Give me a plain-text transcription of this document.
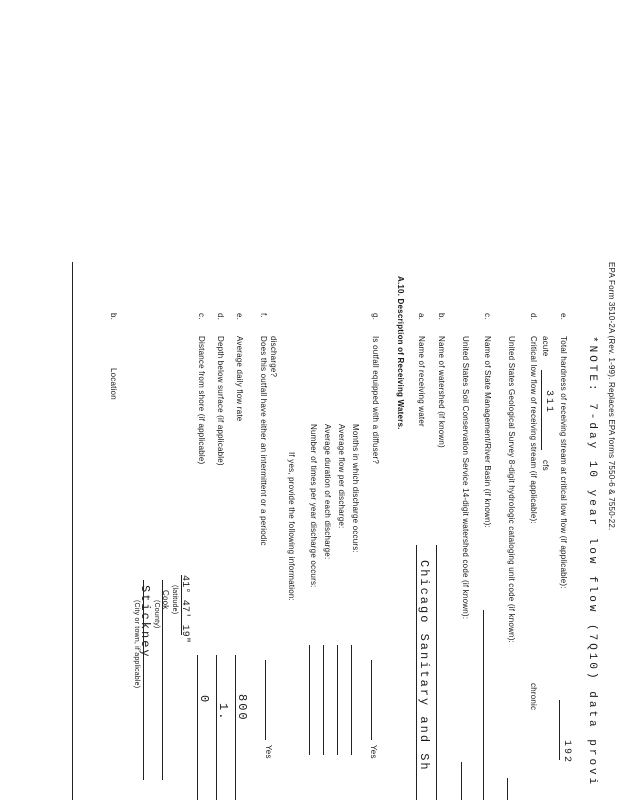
b.
Location
Stickney
(City or town, if applicable)
Cook
(County) 41° 47' 19"
(latitude)
c.
Distance from shore (if applicable)
0
d.
Depth below surface (if applicable)
1.
e.
Average daily flow rate
800
f.
Does this outfall have either an intermittent or a periodic discharge?
Yes
If yes, provide the following information: Number of times per year discharge occurs: Average duration of each discharge: Average flow per discharge: Months in which discharge occurs:
g.
Is outfall equipped with a diffuser?
Yes
A.10. Description of Receiving Waters. a.
Name of receiving water
Chicago Sanitary and Sh
b.
Name of watershed (if known) United States Soil Conservation Service 14-digit watershed code (if known):
c.
Name of State Management/River Basin (if known): United States Geological Survey 8-digit hydrologic cataloging unit code (if known):
d.
Critical low flow of receiving stream (if applicable): acute
311
cfs
chronic
e.
Total hardness of receiving stream at critical low flow (if applicable):
192 *NOTE: 7-day 10 year low flow (7Q10) data provi EPA Form 3510-2A (Rev. 1-99). Replaces EPA forms 7550-6 & 7550-22.
